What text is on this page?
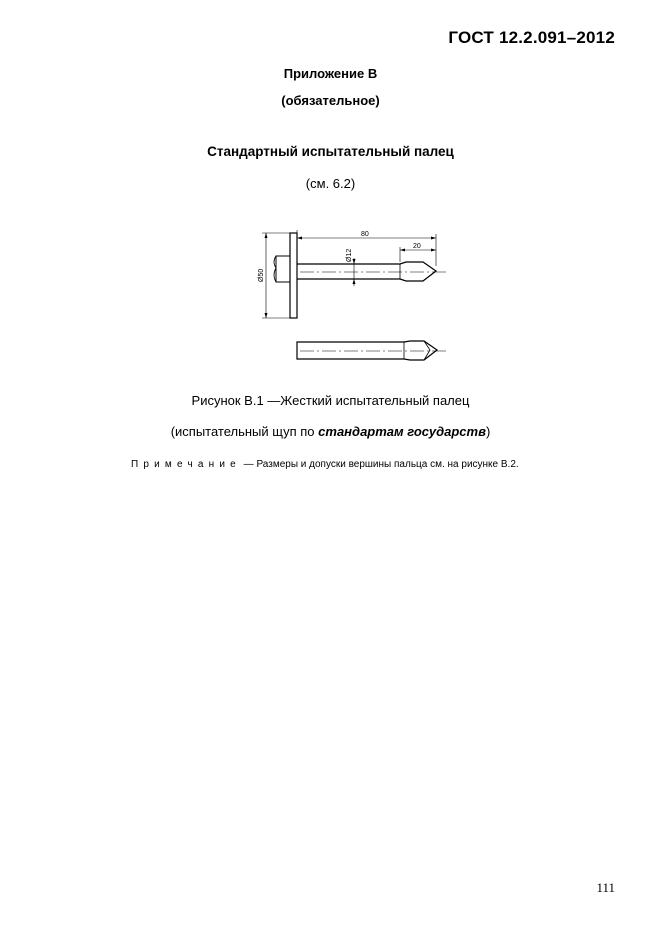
ГОСТ 12.2.091–2012
Приложение В
(обязательное)
Стандартный испытательный палец
(см. 6.2)
80
20
Ø12
Ø50
Рисунок В.1 —Жесткий испытательный палец
(испытательный щуп по стандартам государств)
Примечание — Размеры и допуски вершины пальца см. на рисунке В.2.
111
